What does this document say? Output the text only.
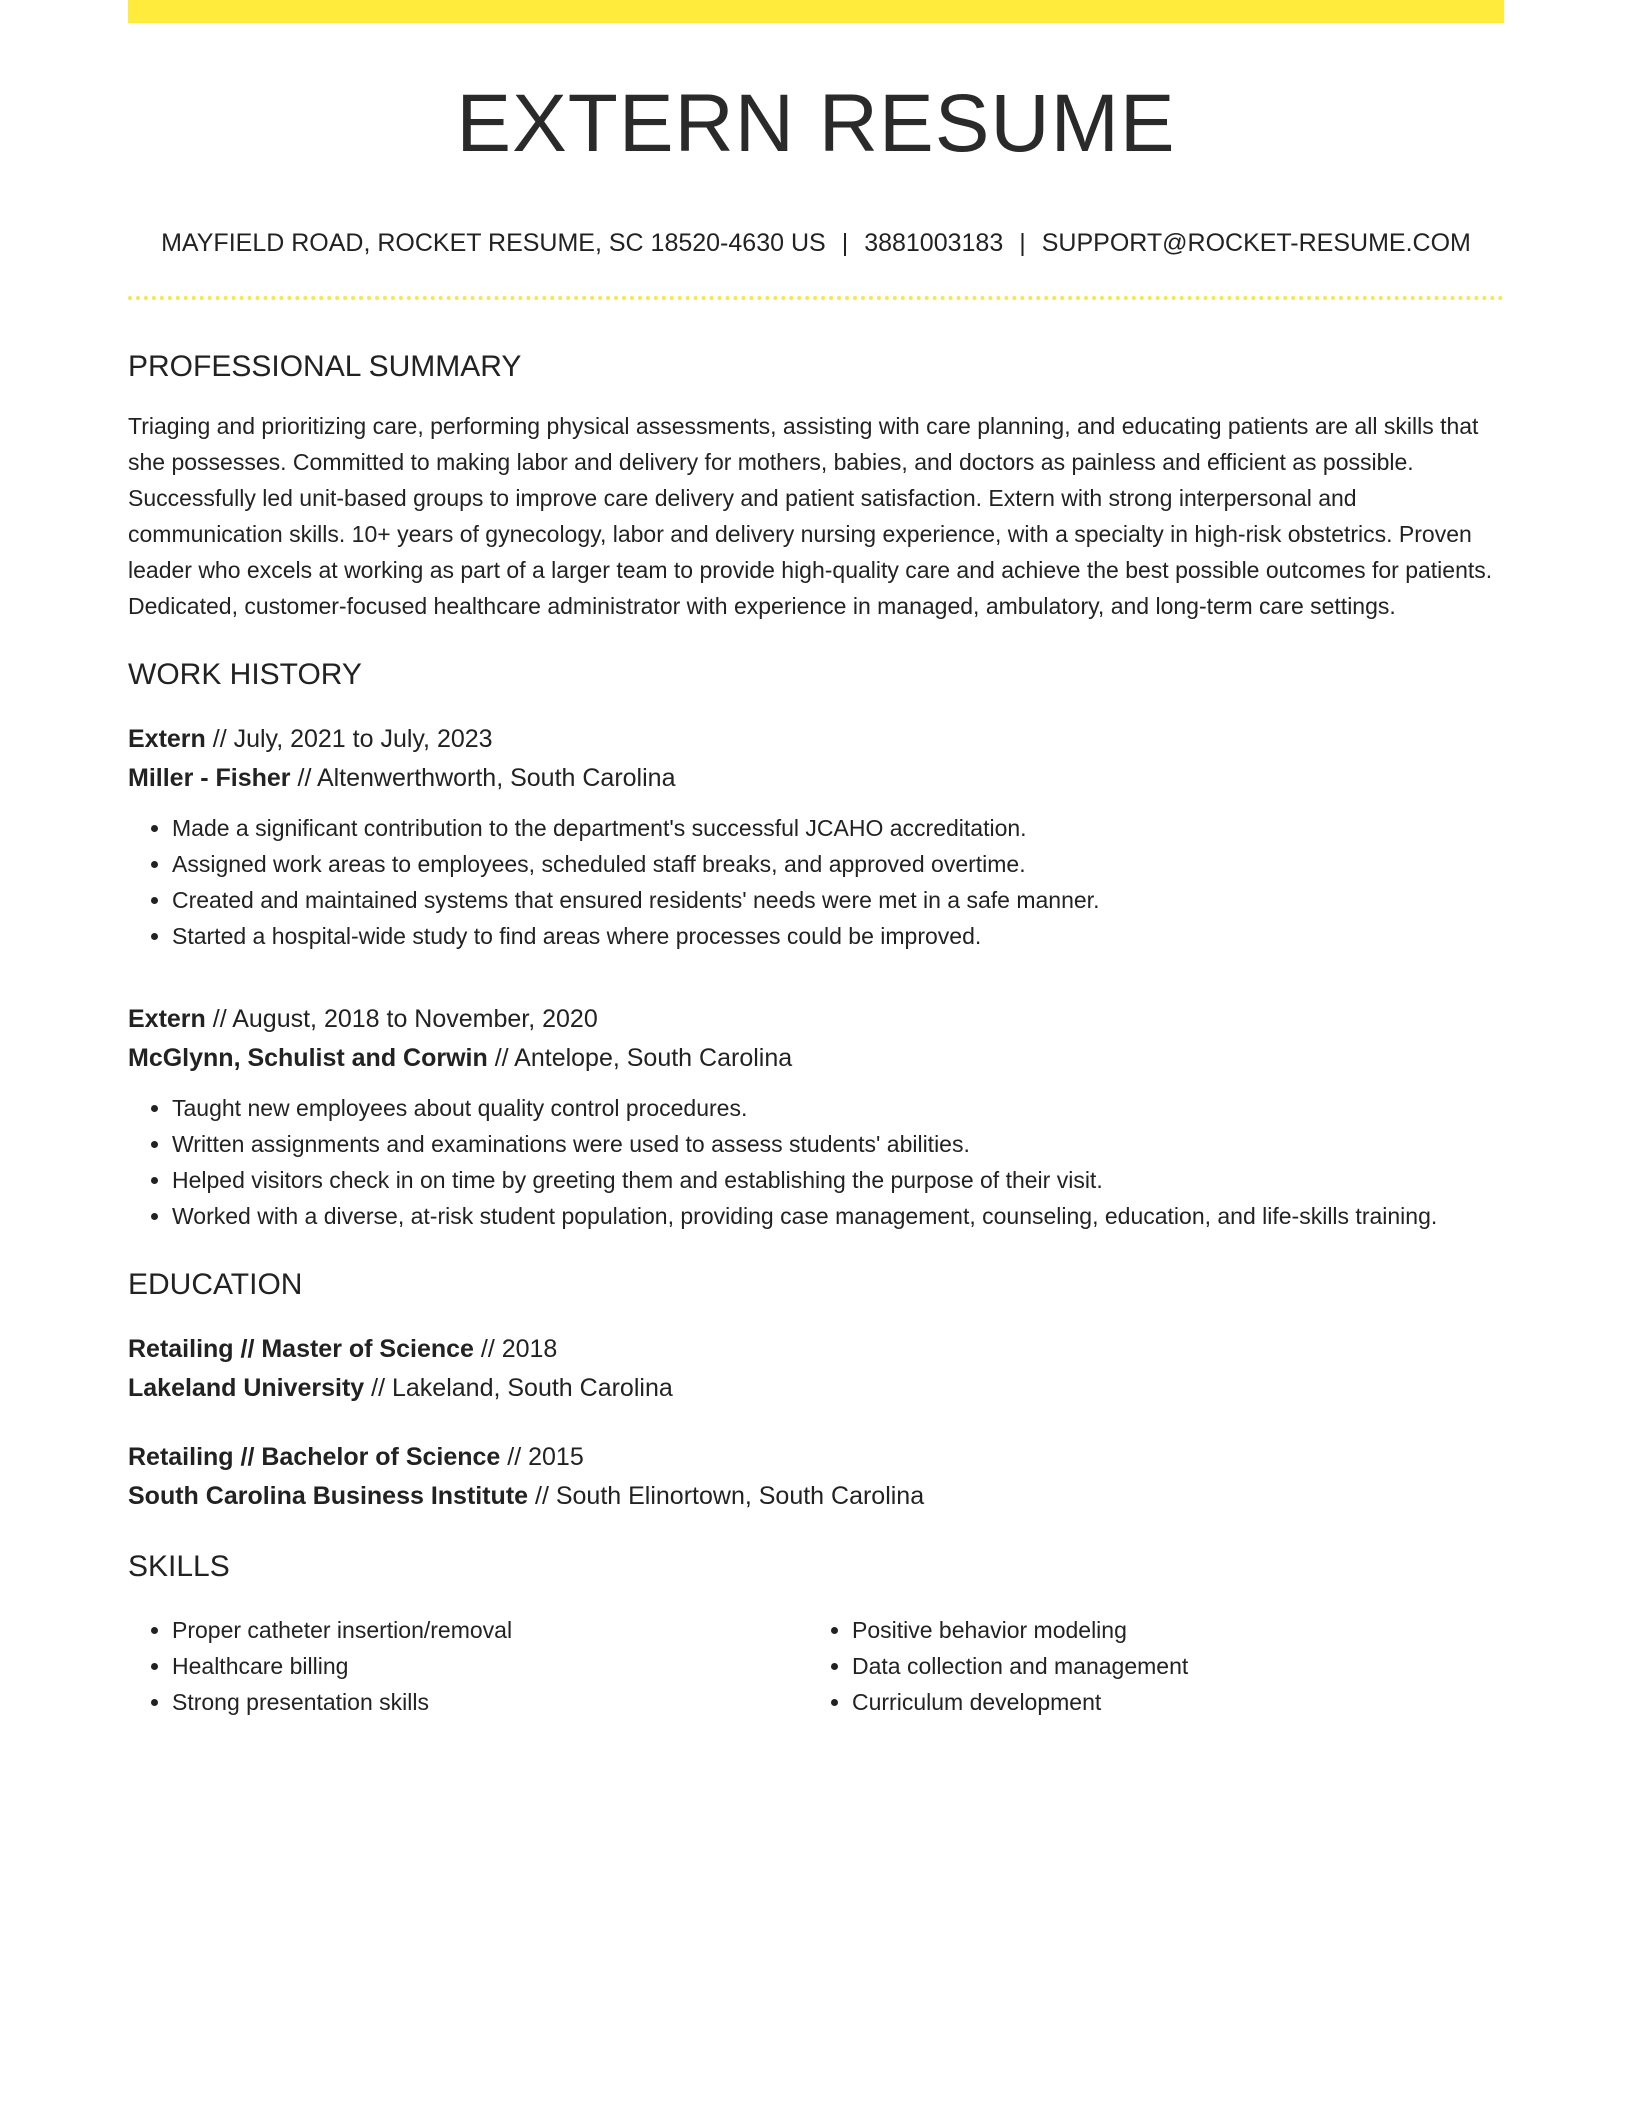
EXTERN RESUME
MAYFIELD ROAD, ROCKET RESUME, SC 18520-4630 US | 3881003183 | SUPPORT@ROCKET-RESUME.COM
PROFESSIONAL SUMMARY
Triaging and prioritizing care, performing physical assessments, assisting with care planning, and educating patients are all skills that she possesses. Committed to making labor and delivery for mothers, babies, and doctors as painless and efficient as possible. Successfully led unit-based groups to improve care delivery and patient satisfaction. Extern with strong interpersonal and communication skills. 10+ years of gynecology, labor and delivery nursing experience, with a specialty in high-risk obstetrics. Proven leader who excels at working as part of a larger team to provide high-quality care and achieve the best possible outcomes for patients. Dedicated, customer-focused healthcare administrator with experience in managed, ambulatory, and long-term care settings.
WORK HISTORY
Extern // July, 2021 to July, 2023
Miller - Fisher // Altenwerthworth, South Carolina
• Made a significant contribution to the department's successful JCAHO accreditation.
• Assigned work areas to employees, scheduled staff breaks, and approved overtime.
• Created and maintained systems that ensured residents' needs were met in a safe manner.
• Started a hospital-wide study to find areas where processes could be improved.
Extern // August, 2018 to November, 2020
McGlynn, Schulist and Corwin // Antelope, South Carolina
• Taught new employees about quality control procedures.
• Written assignments and examinations were used to assess students' abilities.
• Helped visitors check in on time by greeting them and establishing the purpose of their visit.
• Worked with a diverse, at-risk student population, providing case management, counseling, education, and life-skills training.
EDUCATION
Retailing // Master of Science // 2018
Lakeland University // Lakeland, South Carolina
Retailing // Bachelor of Science // 2015
South Carolina Business Institute // South Elinortown, South Carolina
SKILLS
• Proper catheter insertion/removal
• Healthcare billing
• Strong presentation skills
• Positive behavior modeling
• Data collection and management
• Curriculum development
